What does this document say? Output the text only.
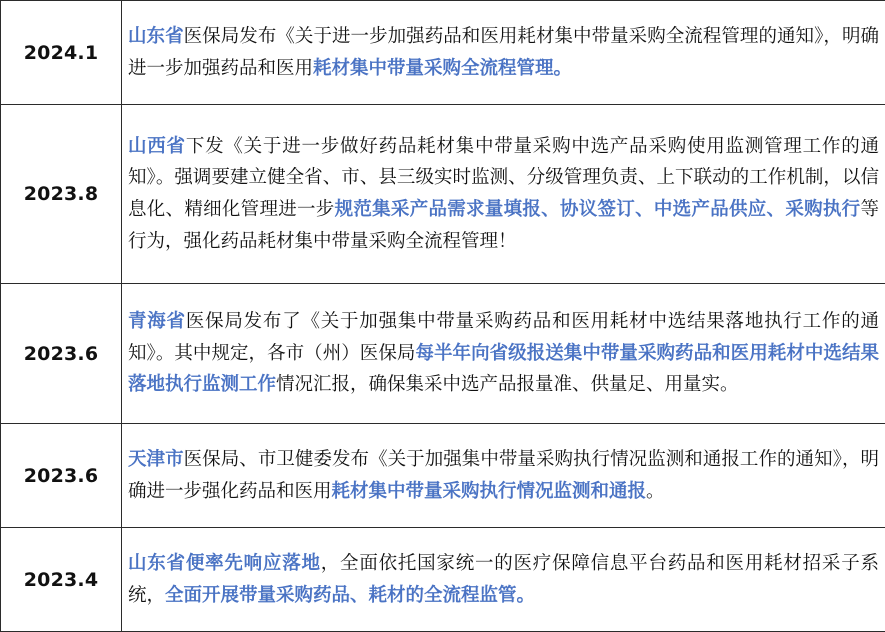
2024.1	山东省医保局发布《关于进一步加强药品和医用耗材集中带量采购全流程管理的通知》，明确进一步加强药品和医用耗材集中带量采购全流程管理。
2023.8	山西省下发《关于进一步做好药品耗材集中带量采购中选产品采购使用监测管理工作的通知》。强调要建立健全省、市、县三级实时监测、分级管理负责、上下联动的工作机制，以信息化、精细化管理进一步规范集采产品需求量填报、协议签订、中选产品供应、采购执行等行为，强化药品耗材集中带量采购全流程管理！
2023.6	青海省医保局发布了《关于加强集中带量采购药品和医用耗材中选结果落地执行工作的通知》。其中规定，各市（州）医保局每半年向省级报送集中带量采购药品和医用耗材中选结果落地执行监测工作情况汇报，确保集采中选产品报量准、供量足、用量实。
2023.6	天津市医保局、市卫健委发布《关于加强集中带量采购执行情况监测和通报工作的通知》，明确进一步强化药品和医用耗材集中带量采购执行情况监测和通报。
2023.4	山东省便率先响应落地，全面依托国家统一的医疗保障信息平台药品和医用耗材招采子系统，全面开展带量采购药品、耗材的全流程监管。
